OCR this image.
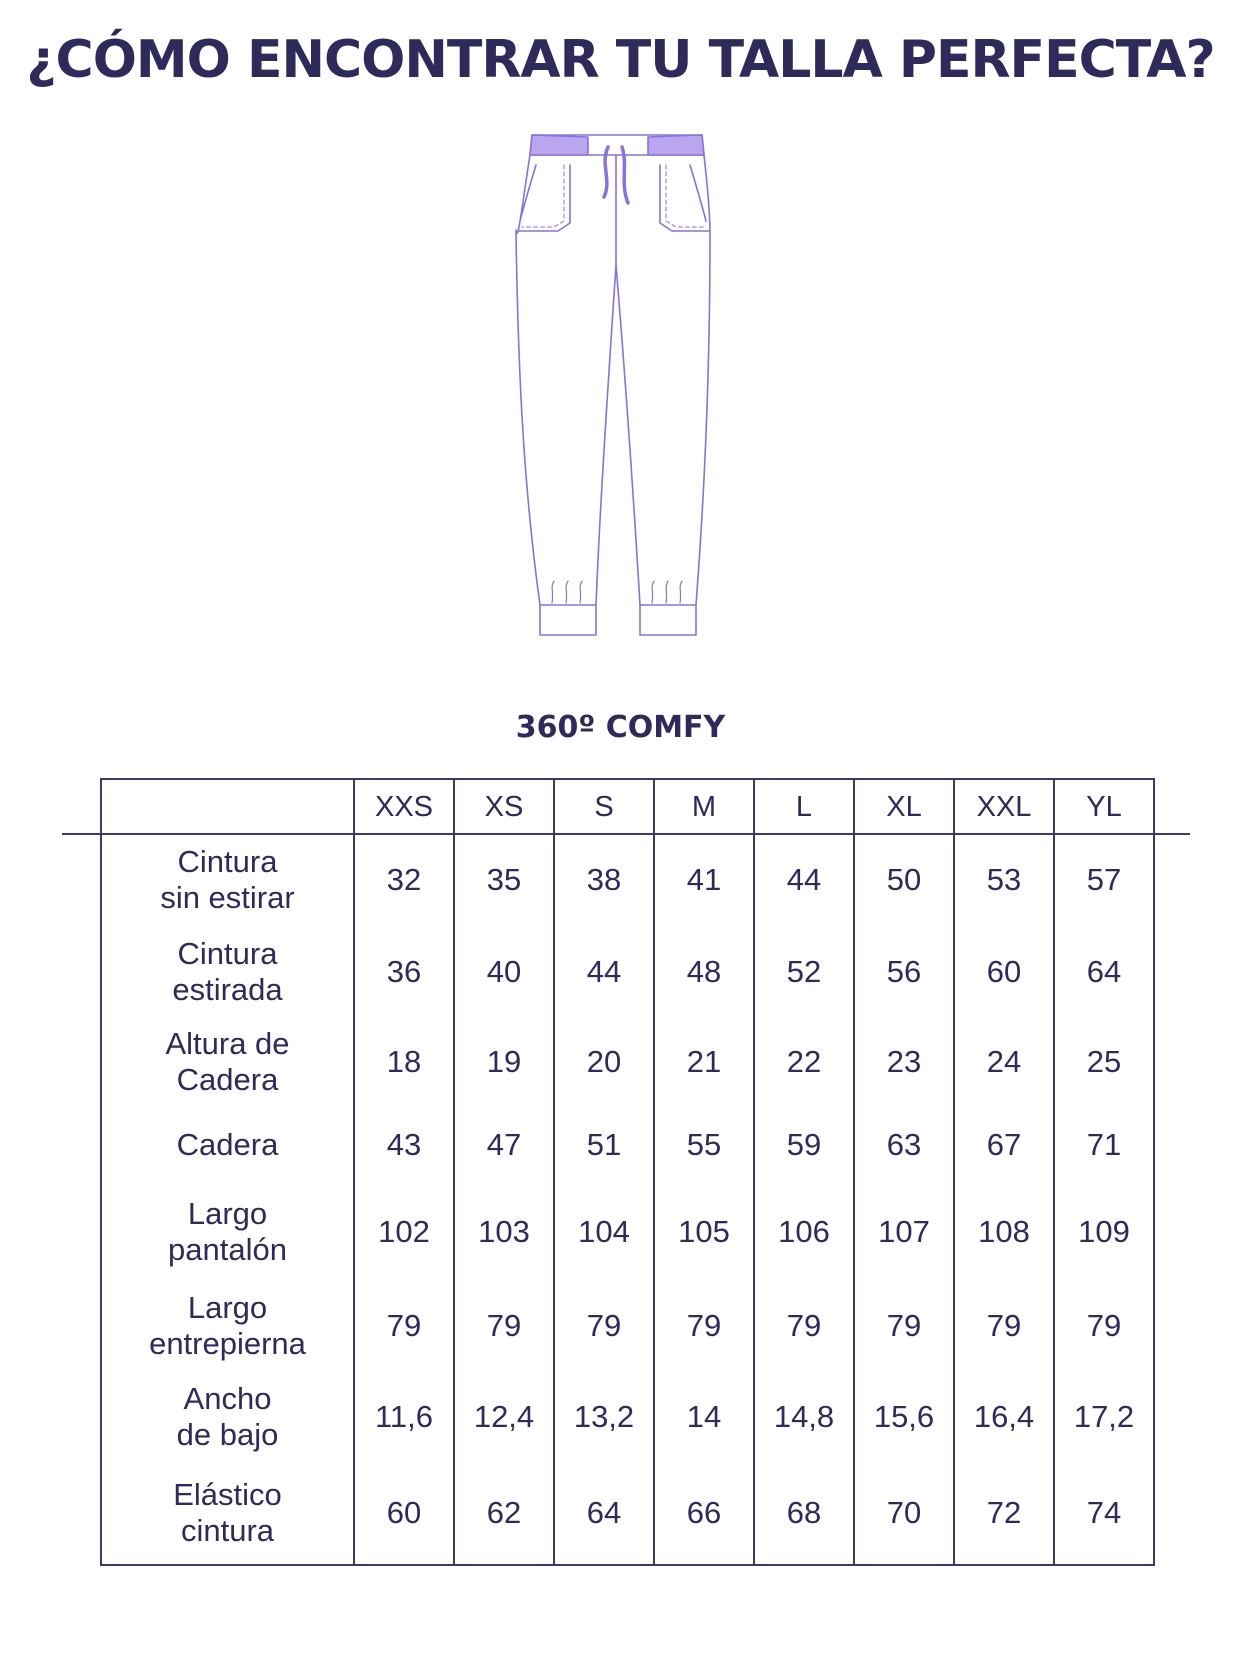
¿CÓMO ENCONTRAR TU TALLA PERFECTA?
360º COMFY
	XXS	XS	S	M	L	XL	XXL	YL
Cintura
sin estirar	32	35	38	41	44	50	53	57
Cintura
estirada	36	40	44	48	52	56	60	64
Altura de
Cadera	18	19	20	21	22	23	24	25
Cadera	43	47	51	55	59	63	67	71
Largo
pantalón	102	103	104	105	106	107	108	109
Largo
entrepierna	79	79	79	79	79	79	79	79
Ancho
de bajo	11,6	12,4	13,2	14	14,8	15,6	16,4	17,2
Elástico
cintura	60	62	64	66	68	70	72	74
